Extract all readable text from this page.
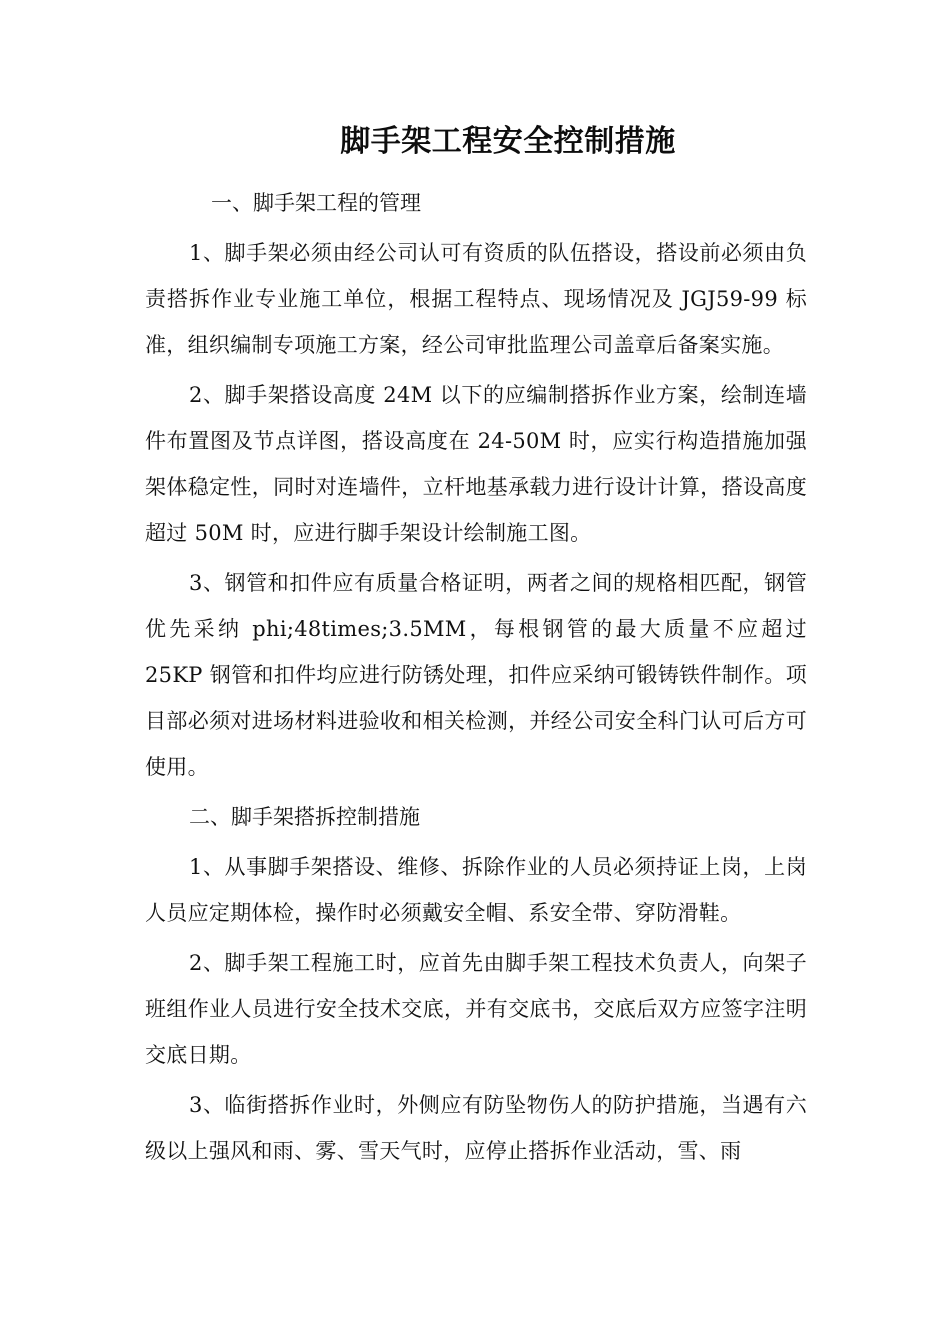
脚手架工程安全控制措施

一、脚手架工程的管理

1、脚手架必须由经公司认可有资质的队伍搭设，搭设前必须由负责搭拆作业专业施工单位，根据工程特点、现场情况及 JGJ59-99 标准，组织编制专项施工方案，经公司审批监理公司盖章后备案实施。

2、脚手架搭设高度 24M 以下的应编制搭拆作业方案，绘制连墙件布置图及节点详图，搭设高度在 24-50M 时，应实行构造措施加强架体稳定性，同时对连墙件，立杆地基承载力进行设计计算，搭设高度超过 50M 时，应进行脚手架设计绘制施工图。

3、钢管和扣件应有质量合格证明，两者之间的规格相匹配，钢管优先采纳 phi;48times;3.5MM，每根钢管的最大质量不应超过 25KP 钢管和扣件均应进行防锈处理，扣件应采纳可锻铸铁件制作。项目部必须对进场材料进验收和相关检测，并经公司安全科门认可后方可使用。

二、脚手架搭拆控制措施

1、从事脚手架搭设、维修、拆除作业的人员必须持证上岗，上岗人员应定期体检，操作时必须戴安全帽、系安全带、穿防滑鞋。

2、脚手架工程施工时，应首先由脚手架工程技术负责人，向架子班组作业人员进行安全技术交底，并有交底书，交底后双方应签字注明交底日期。

3、临街搭拆作业时，外侧应有防坠物伤人的防护措施，当遇有六级以上强风和雨、雾、雪天气时，应停止搭拆作业活动，雪、雨
